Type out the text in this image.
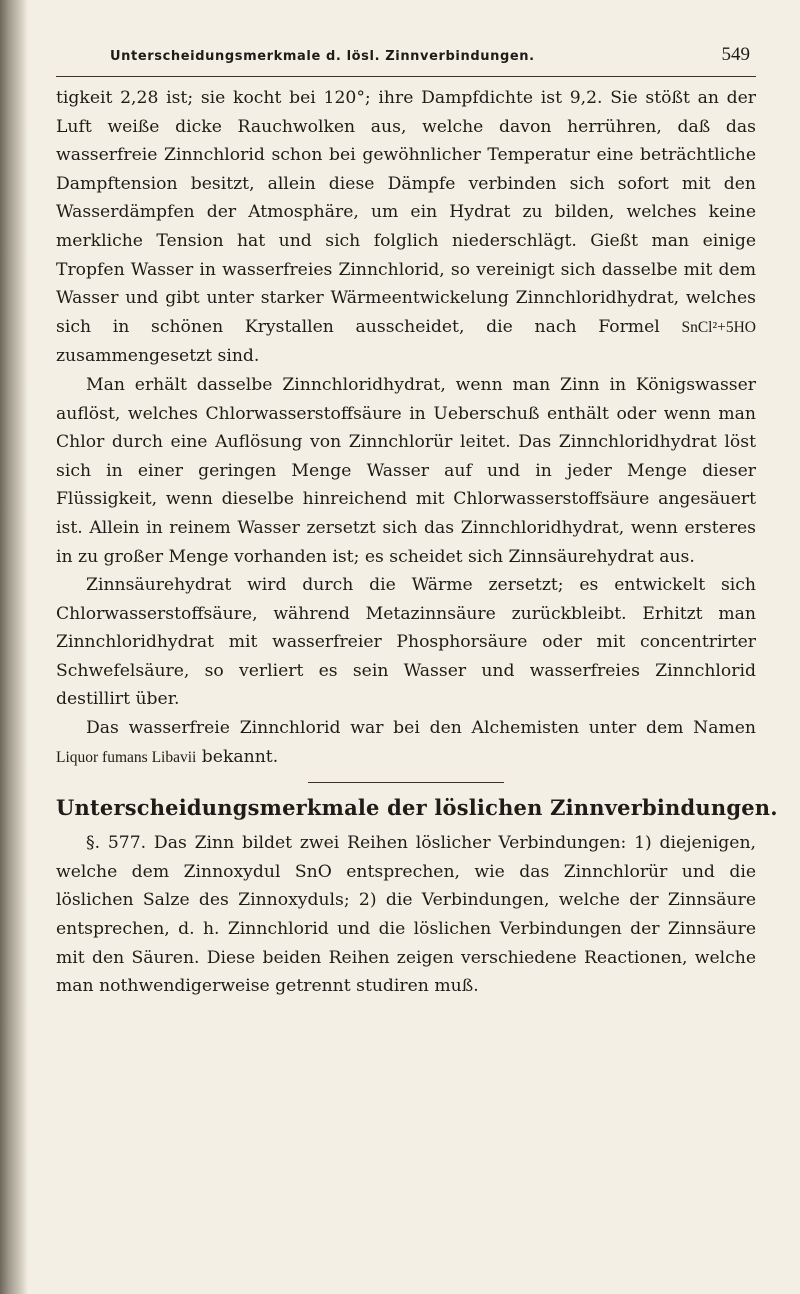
Unterscheidungsmerkmale d. lösl. Zinnverbindungen.	549

tigkeit 2,28 ist; sie kocht bei 120°; ihre Dampfdichte ist 9,2. Sie stößt an der Luft weiße dicke Rauchwolken aus, welche davon herrühren, daß das wasserfreie Zinnchlorid schon bei gewöhnlicher Temperatur eine beträchtliche Dampftension besitzt, allein diese Dämpfe verbinden sich sofort mit den Wasserdämpfen der Atmosphäre, um ein Hydrat zu bilden, welches keine merkliche Tension hat und sich folglich niederschlägt. Gießt man einige Tropfen Wasser in wasserfreies Zinnchlorid, so vereinigt sich dasselbe mit dem Wasser und gibt unter starker Wärmeentwickelung Zinnchloridhydrat, welches sich in schönen Krystallen ausscheidet, die nach Formel SnCl²+5HO zusammengesetzt sind.

Man erhält dasselbe Zinnchloridhydrat, wenn man Zinn in Königswasser auflöst, welches Chlorwasserstoffsäure in Ueberschuß enthält oder wenn man Chlor durch eine Auflösung von Zinnchlorür leitet. Das Zinnchloridhydrat löst sich in einer geringen Menge Wasser auf und in jeder Menge dieser Flüssigkeit, wenn dieselbe hinreichend mit Chlorwasserstoffsäure angesäuert ist. Allein in reinem Wasser zersetzt sich das Zinnchloridhydrat, wenn ersteres in zu großer Menge vorhanden ist; es scheidet sich Zinnsäurehydrat aus.

Zinnsäurehydrat wird durch die Wärme zersetzt; es entwickelt sich Chlorwasserstoffsäure, während Metazinnsäure zurückbleibt. Erhitzt man Zinnchloridhydrat mit wasserfreier Phosphorsäure oder mit concentrirter Schwefelsäure, so verliert es sein Wasser und wasserfreies Zinnchlorid destillirt über.

Das wasserfreie Zinnchlorid war bei den Alchemisten unter dem Namen Liquor fumans Libavii bekannt.

Unterscheidungsmerkmale der löslichen Zinnverbindungen.

§. 577. Das Zinn bildet zwei Reihen löslicher Verbindungen: 1) diejenigen, welche dem Zinnoxydul SnO entsprechen, wie das Zinnchlorür und die löslichen Salze des Zinnoxyduls; 2) die Verbindungen, welche der Zinnsäure entsprechen, d. h. Zinnchlorid und die löslichen Verbindungen der Zinnsäure mit den Säuren. Diese beiden Reihen zeigen verschiedene Reactionen, welche man nothwendigerweise getrennt studiren muß.
